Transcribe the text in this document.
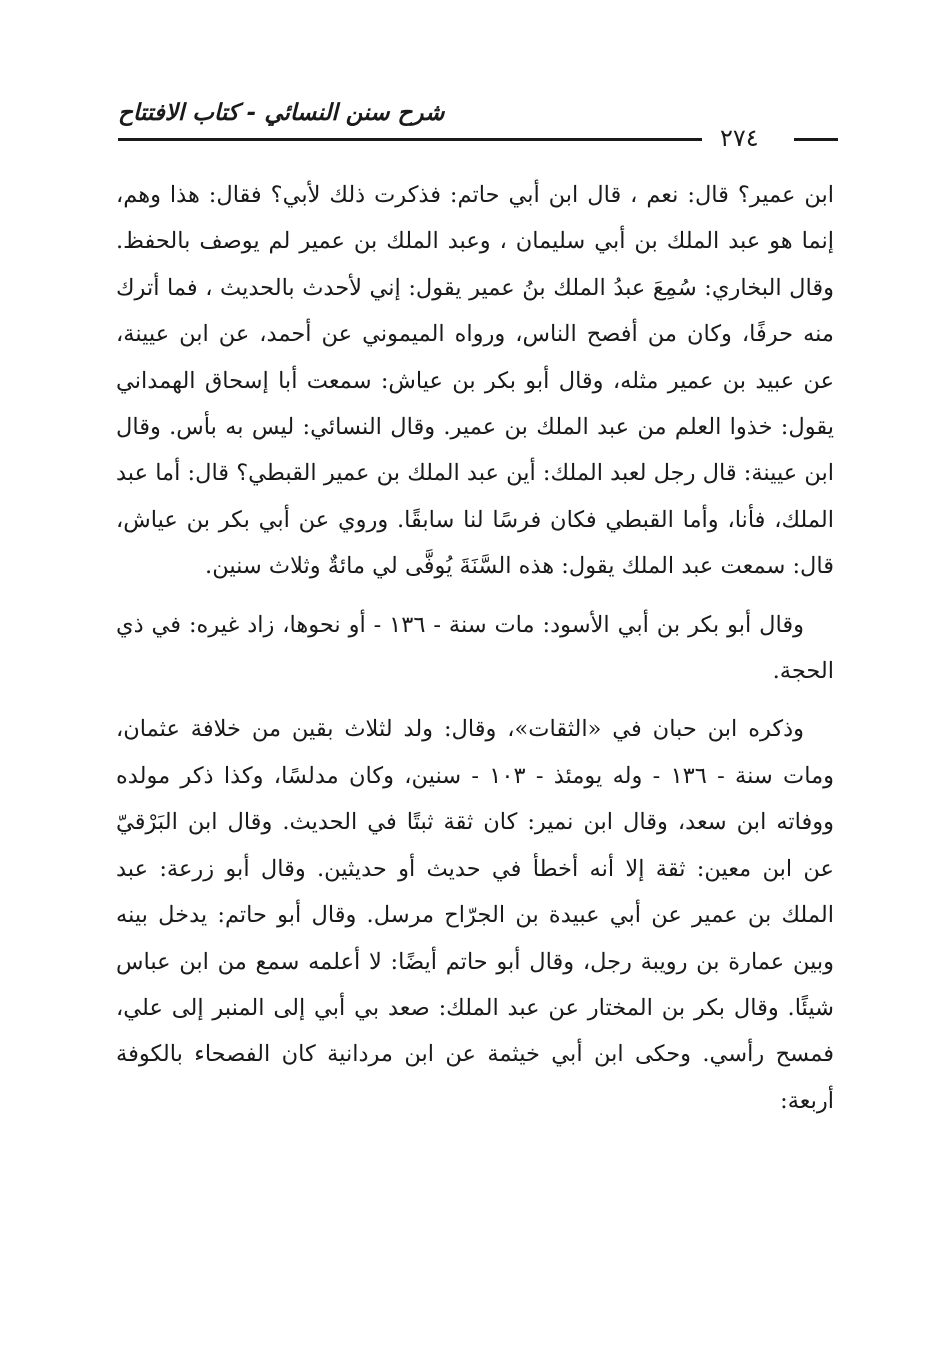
شرح سنن النسائي - كتاب الافتتاح
٢٧٤

ابن عمير؟ قال: نعم ، قال ابن أبي حاتم: فذكرت ذلك لأبي؟ فقال: هذا وهم، إنما هو عبد الملك بن أبي سليمان ، وعبد الملك بن عمير لم يوصف بالحفظ. وقال البخاري: سُمِعَ عبدُ الملك بنُ عمير يقول: إني لأحدث بالحديث ، فما أترك منه حرفًا، وكان من أفصح الناس، ورواه الميموني عن أحمد، عن ابن عيينة، عن عبيد بن عمير مثله، وقال أبو بكر بن عياش: سمعت أبا إسحاق الهمداني يقول: خذوا العلم من عبد الملك بن عمير. وقال النسائي: ليس به بأس. وقال ابن عيينة: قال رجل لعبد الملك: أين عبد الملك بن عمير القبطي؟ قال: أما عبد الملك، فأنا، وأما القبطي فكان فرسًا لنا سابقًا. وروي عن أبي بكر بن عياش، قال: سمعت عبد الملك يقول: هذه السَّنَةَ يُوفَّى لي مائةٌ وثلاث سنين.

وقال أبو بكر بن أبي الأسود: مات سنة - ١٣٦ - أو نحوها، زاد غيره: في ذي الحجة.

وذكره ابن حبان في «الثقات»، وقال: ولد لثلاث بقين من خلافة عثمان، ومات سنة - ١٣٦ - وله يومئذ - ١٠٣ - سنين، وكان مدلسًا، وكذا ذكر مولده ووفاته ابن سعد، وقال ابن نمير: كان ثقة ثبتًا في الحديث. وقال ابن البَرْقيّ عن ابن معين: ثقة إلا أنه أخطأ في حديث أو حديثين. وقال أبو زرعة: عبد الملك بن عمير عن أبي عبيدة بن الجرّاح مرسل. وقال أبو حاتم: يدخل بينه وبين عمارة بن رويبة رجل، وقال أبو حاتم أيضًا: لا أعلمه سمع من ابن عباس شيئًا. وقال بكر بن المختار عن عبد الملك: صعد بي أبي إلى المنبر إلى علي، فمسح رأسي. وحكى ابن أبي خيثمة عن ابن مردانية كان الفصحاء بالكوفة أربعة:
